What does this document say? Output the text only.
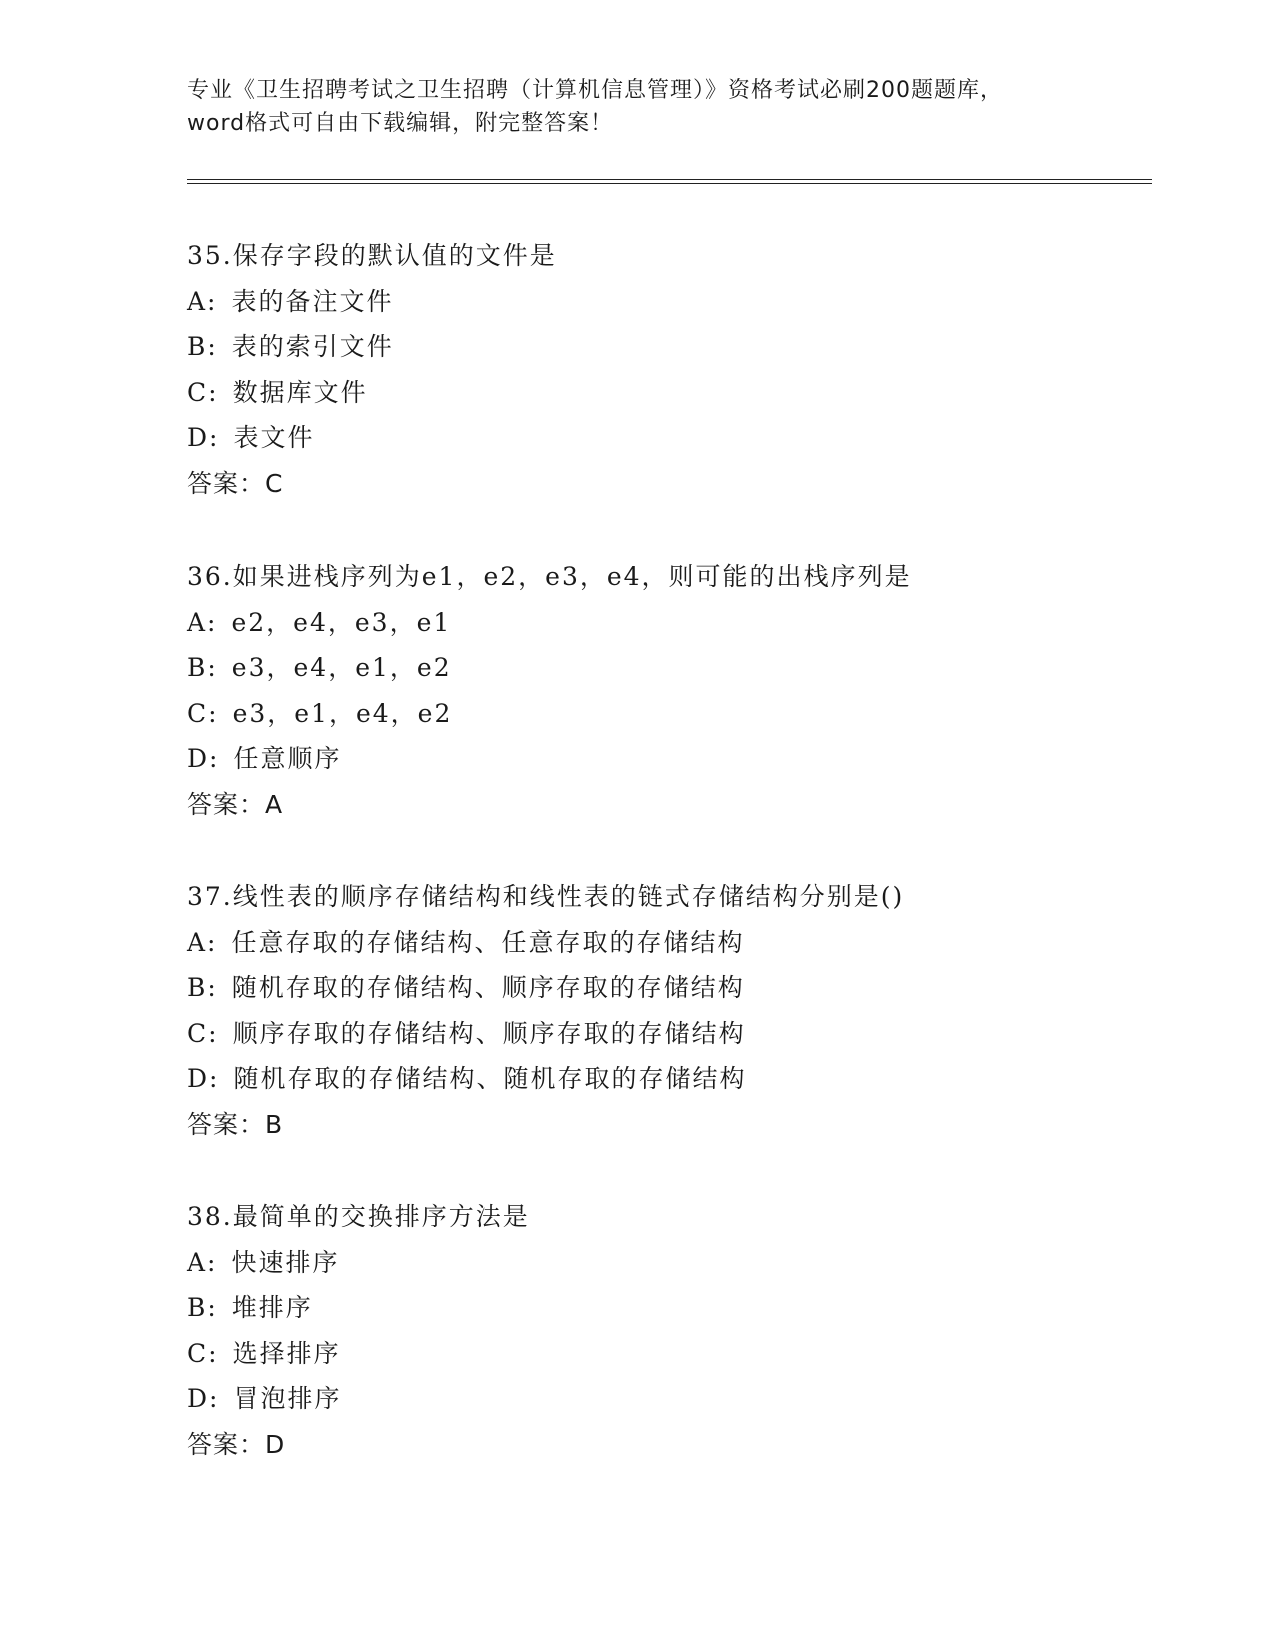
专业《卫生招聘考试之卫生招聘（计算机信息管理）》资格考试必刷200题题库，
word格式可自由下载编辑，附完整答案！
35.保存字段的默认值的文件是
A: 表的备注文件
B: 表的索引文件
C: 数据库文件
D: 表文件
答案：C
36.如果进栈序列为e1，e2，e3，e4，则可能的出栈序列是
A: e2，e4，e3，e1
B: e3，e4，e1，e2
C: e3，e1，e4，e2
D: 任意顺序
答案：A
37.线性表的顺序存储结构和线性表的链式存储结构分别是()
A: 任意存取的存储结构、任意存取的存储结构
B: 随机存取的存储结构、顺序存取的存储结构
C: 顺序存取的存储结构、顺序存取的存储结构
D: 随机存取的存储结构、随机存取的存储结构
答案：B
38.最简单的交换排序方法是
A: 快速排序
B: 堆排序
C: 选择排序
D: 冒泡排序
答案：D
